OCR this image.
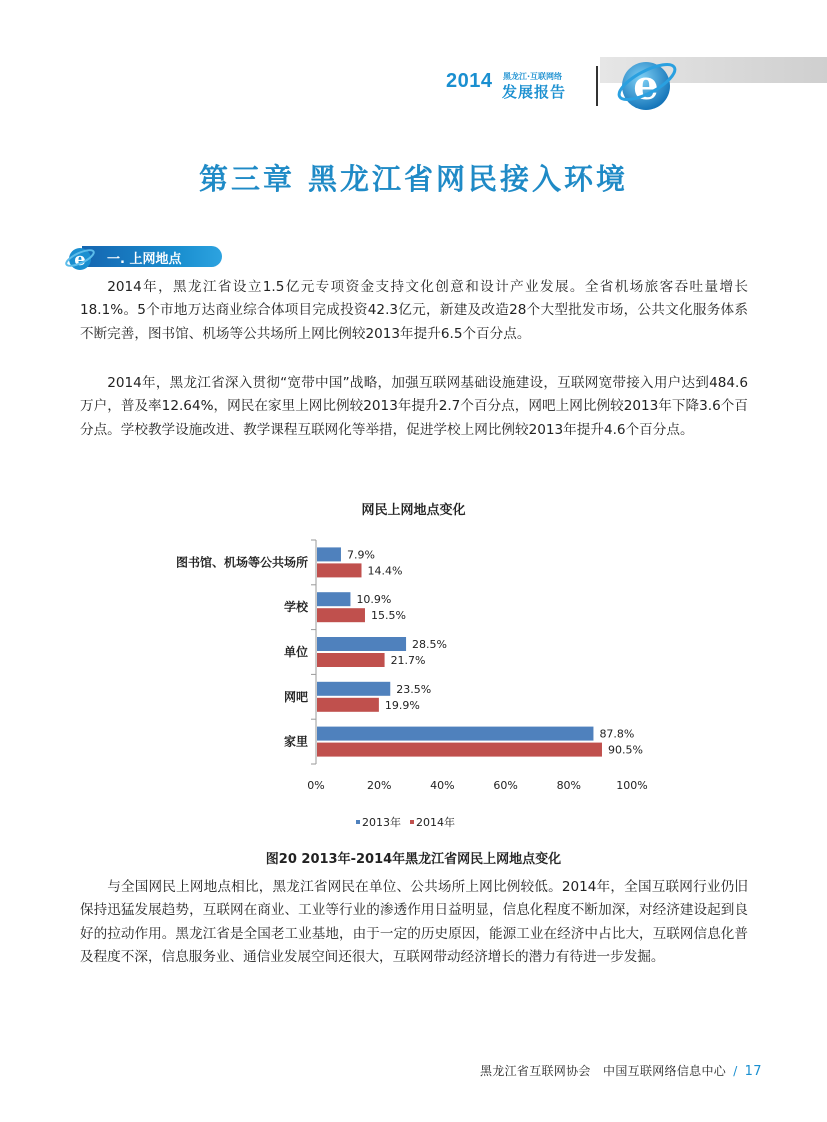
2014 黑龙江·互联网络
发展报告 e
第三章 黑龙江省网民接入环境
e 一. 上网地点

2014年，黑龙江省设立1.5亿元专项资金支持文化创意和设计产业发展。全省机场旅客吞吐量增长18.1%。5个市地万达商业综合体项目完成投资42.3亿元，新建及改造28个大型批发市场，公共文化服务体系不断完善，图书馆、机场等公共场所上网比例较2013年提升6.5个百分点。

2014年，黑龙江省深入贯彻“宽带中国”战略，加强互联网基础设施建设，互联网宽带接入用户达到484.6万户，普及率12.64%，网民在家里上网比例较2013年提升2.7个百分点，网吧上网比例较2013年下降3.6个百分点。学校教学设施改进、教学课程互联网化等举措，促进学校上网比例较2013年提升4.6个百分点。

网民上网地点变化
图书馆、机场等公共场所
7.9%
14.4%
学校
10.9%
15.5%
单位
28.5%
21.7%
网吧
23.5%
19.9%
家里
87.8%
90.5%
0%	20%	40%	60%	80%	100%
2013年 2014年
图20 2013年-2014年黑龙江省网民上网地点变化

与全国网民上网地点相比，黑龙江省网民在单位、公共场所上网比例较低。2014年，全国互联网行业仍旧保持迅猛发展趋势，互联网在商业、工业等行业的渗透作用日益明显，信息化程度不断加深，对经济建设起到良好的拉动作用。黑龙江省是全国老工业基地，由于一定的历史原因，能源工业在经济中占比大，互联网信息化普及程度不深，信息服务业、通信业发展空间还很大，互联网带动经济增长的潜力有待进一步发掘。

黑龙江省互联网协会 中国互联网络信息中心 / 17
